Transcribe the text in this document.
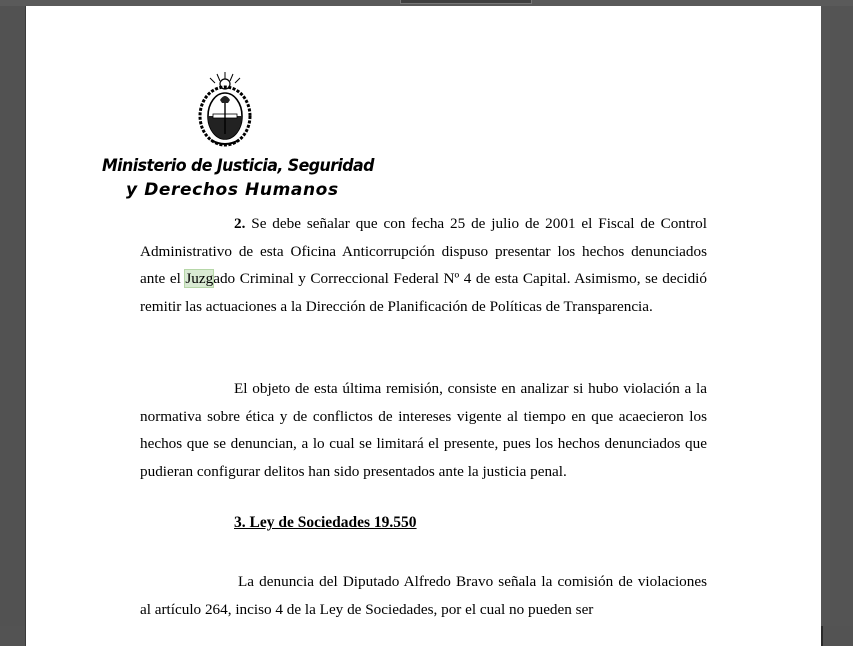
Ministerio de Justicia, Seguridad
y Derechos Humanos
2. Se debe señalar que con fecha 25 de julio de 2001 el Fiscal de Control Administrativo de esta Oficina Anticorrupción dispuso presentar los hechos denunciados ante el Juzgado Criminal y Correccional Federal Nº 4 de esta Capital. Asimismo, se decidió remitir las actuaciones a la Dirección de Planificación de Políticas de Transparencia.
El objeto de esta última remisión, consiste en analizar si hubo violación a la normativa sobre ética y de conflictos de intereses vigente al tiempo en que acaecieron los hechos que se denuncian, a lo cual se limitará el presente, pues los hechos denunciados que pudieran configurar delitos han sido presentados ante la justicia penal.
3. Ley de Sociedades 19.550
La denuncia del Diputado Alfredo Bravo señala la comisión de violaciones al artículo 264, inciso 4 de la Ley de Sociedades, por el cual no pueden ser
